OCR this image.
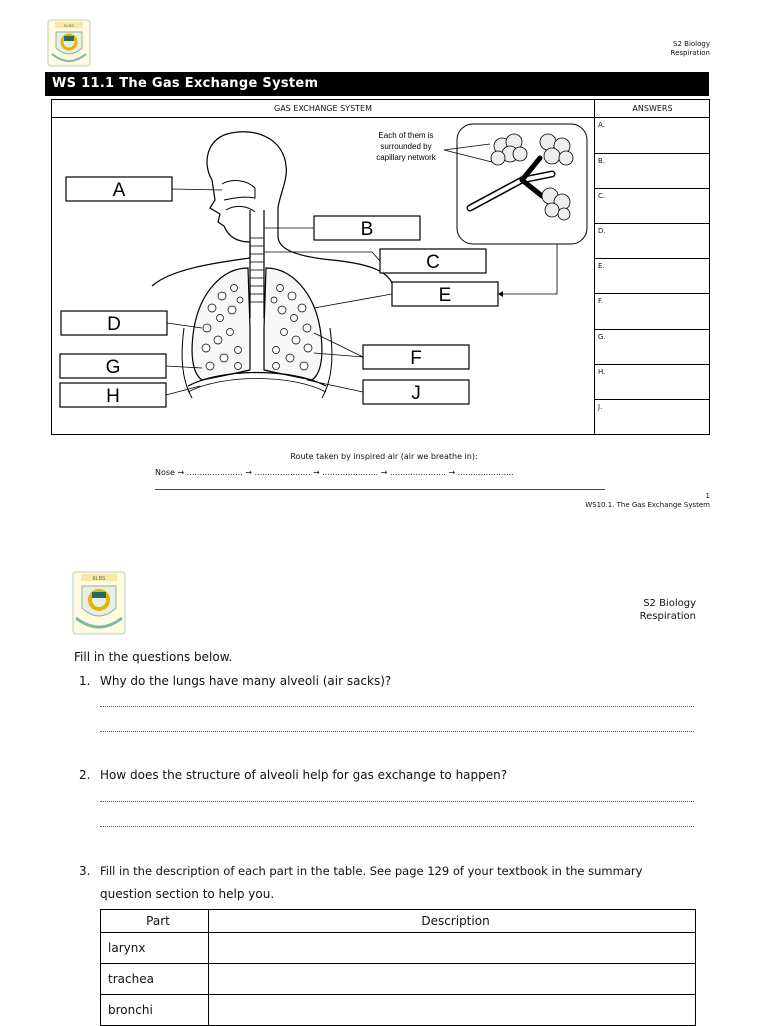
KLBS
S2 Biology
Respiration
WS 11.1 The Gas Exchange System
GAS EXCHANGE SYSTEM	ANSWERS
A.
B.
C.
D.
E.
F.
G.
H.
J.
A
B
C
E
D
F
G
H	J
Each of them is
surrounded by
capillary network
Route taken by inspired air (air we breathe in):
Nose → ...................... → ...................... → ...................... → ...................... → ......................
1
WS10.1. The Gas Exchange System
KLBS
S2 Biology
Respiration
Fill in the questions below.
1. Why do the lungs have many alveoli (air sacks)?
2. How does the structure of alveoli help for gas exchange to happen?
3. Fill in the description of each part in the table. See page 129 of your textbook in the summary
question section to help you.
Part	Description
larynx	
trachea	
bronchi	
